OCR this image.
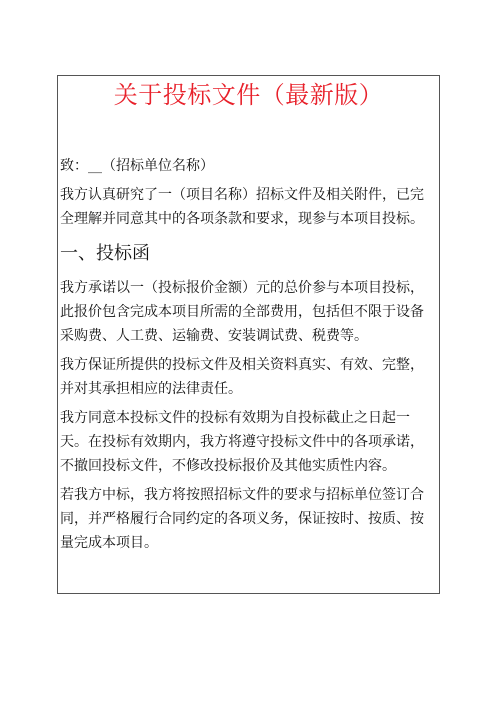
关于投标文件（最新版）

致：__（招标单位名称）

我方认真研究了一（项目名称）招标文件及相关附件，已完全理解并同意其中的各项条款和要求，现参与本项目投标。

一、投标函

我方承诺以一（投标报价金额）元的总价参与本项目投标，此报价包含完成本项目所需的全部费用，包括但不限于设备采购费、人工费、运输费、安装调试费、税费等。

我方保证所提供的投标文件及相关资料真实、有效、完整，并对其承担相应的法律责任。

我方同意本投标文件的投标有效期为自投标截止之日起一天。在投标有效期内，我方将遵守投标文件中的各项承诺，不撤回投标文件，不修改投标报价及其他实质性内容。

若我方中标，我方将按照招标文件的要求与招标单位签订合同，并严格履行合同约定的各项义务，保证按时、按质、按量完成本项目。
